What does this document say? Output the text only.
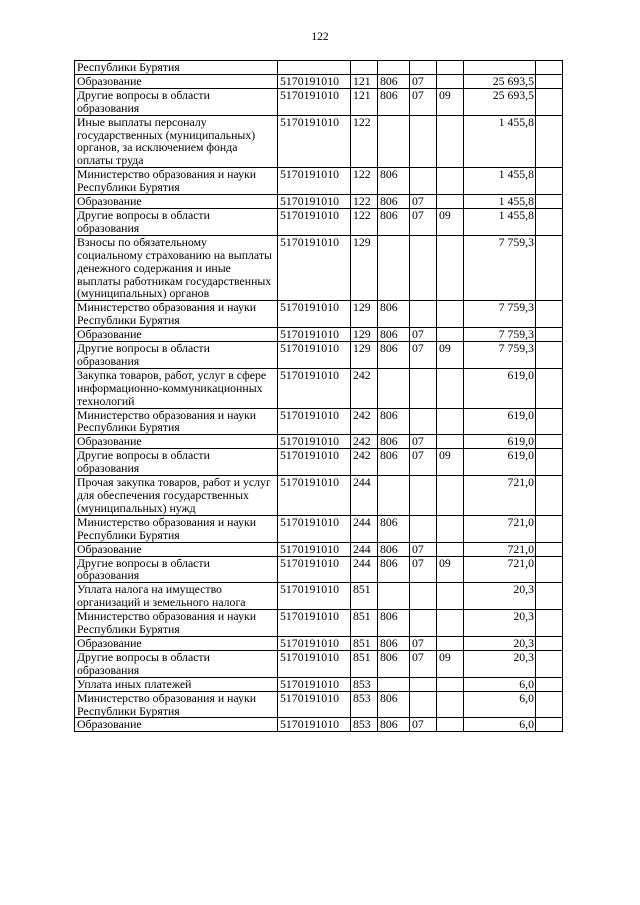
122
Республики Бурятия							
Образование	5170191010	121	806	07		25 693,5	
Другие вопросы в области образования	5170191010	121	806	07	09	25 693,5	
Иные выплаты персоналу государственных (муниципальных) органов, за исключением фонда оплаты труда	5170191010	122				1 455,8	
Министерство образования и науки Республики Бурятия	5170191010	122	806			1 455,8	
Образование	5170191010	122	806	07		1 455,8	
Другие вопросы в области образования	5170191010	122	806	07	09	1 455,8	
Взносы по обязательному социальному страхованию на выплаты денежного содержания и иные выплаты работникам государственных (муниципальных) органов	5170191010	129				7 759,3	
Министерство образования и науки Республики Бурятия	5170191010	129	806			7 759,3	
Образование	5170191010	129	806	07		7 759,3	
Другие вопросы в области образования	5170191010	129	806	07	09	7 759,3	
Закупка товаров, работ, услуг в сфере информационно-коммуникационных технологий	5170191010	242				619,0	
Министерство образования и науки Республики Бурятия	5170191010	242	806			619,0	
Образование	5170191010	242	806	07		619,0	
Другие вопросы в области образования	5170191010	242	806	07	09	619,0	
Прочая закупка товаров, работ и услуг для обеспечения государственных (муниципальных) нужд	5170191010	244				721,0	
Министерство образования и науки Республики Бурятия	5170191010	244	806			721,0	
Образование	5170191010	244	806	07		721,0	
Другие вопросы в области образования	5170191010	244	806	07	09	721,0	
Уплата налога на имущество организаций и земельного налога	5170191010	851				20,3	
Министерство образования и науки Республики Бурятия	5170191010	851	806			20,3	
Образование	5170191010	851	806	07		20,3	
Другие вопросы в области образования	5170191010	851	806	07	09	20,3	
Уплата иных платежей	5170191010	853				6,0	
Министерство образования и науки Республики Бурятия	5170191010	853	806			6,0	
Образование	5170191010	853	806	07		6,0	
